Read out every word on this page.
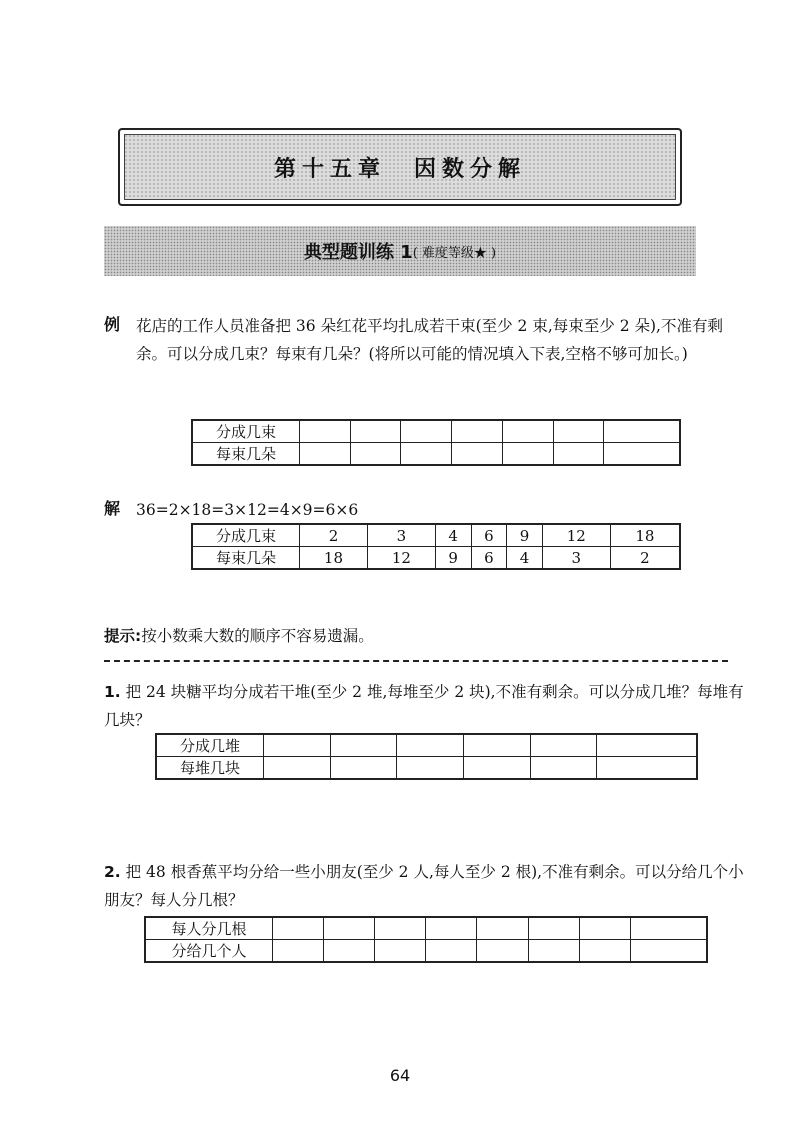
第十五章　因数分解
典型题训练 1 ( 难度等级★ )
例 花店的工作人员准备把 36 朵红花平均扎成若干束(至少 2 束,每束至少 2 朵),不准有剩余。可以分成几束？每束有几朵？(将所以可能的情况填入下表,空格不够可加长。)
分成几束							
每束几朵							
解 36=2×18=3×12=4×9=6×6
分成几束	2	3	4	6	9	12	18
每束几朵	18	12	9	6	4	3	2
提示:按小数乘大数的顺序不容易遗漏。
1. 把 24 块糖平均分成若干堆(至少 2 堆,每堆至少 2 块),不准有剩余。可以分成几堆？每堆有几块？
分成几堆						
每堆几块						
2. 把 48 根香蕉平均分给一些小朋友(至少 2 人,每人至少 2 根),不准有剩余。可以分给几个小朋友？每人分几根？
每人分几根								
分给几个人								
64
